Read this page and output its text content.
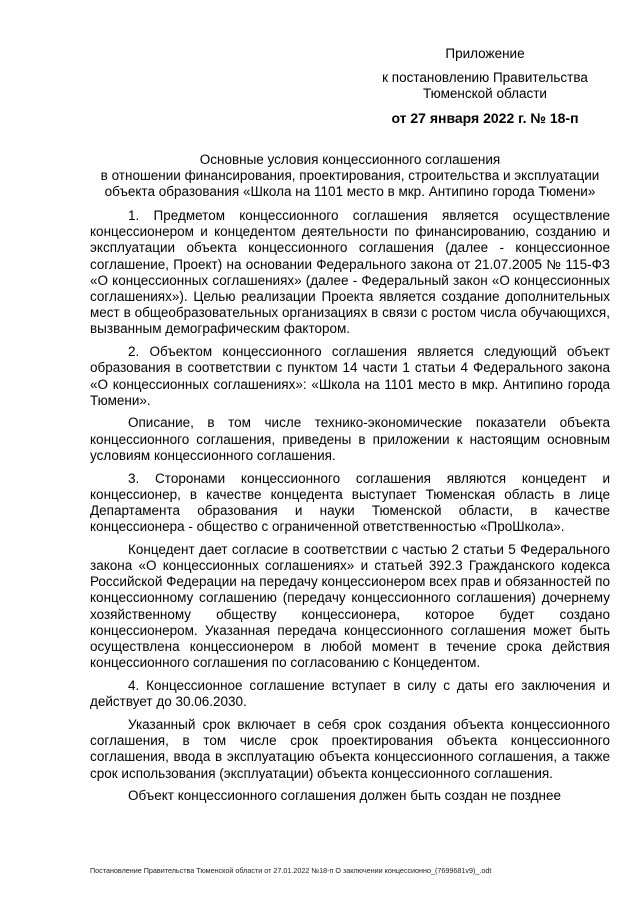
Приложение
к постановлению Правительства
Тюменской области
от 27 января 2022 г. № 18-п
Основные условия концессионного соглашения
в отношении финансирования, проектирования, строительства и эксплуатации
объекта образования «Школа на 1101 место в мкр. Антипино города Тюмени»

1. Предметом концессионного соглашения является осуществление концессионером и концедентом деятельности по финансированию, созданию и эксплуатации объекта концессионного соглашения (далее - концессионное соглашение, Проект) на основании Федерального закона от 21.07.2005 № 115-ФЗ «О концессионных соглашениях» (далее - Федеральный закон «О концессионных соглашениях»). Целью реализации Проекта является создание дополнительных мест в общеобразовательных организациях в связи с ростом числа обучающихся, вызванным демографическим фактором.

2. Объектом концессионного соглашения является следующий объект образования в соответствии с пунктом 14 части 1 статьи 4 Федерального закона «О концессионных соглашениях»: «Школа на 1101 место в мкр. Антипино города Тюмени».

Описание, в том числе технико-экономические показатели объекта концессионного соглашения, приведены в приложении к настоящим основным условиям концессионного соглашения.

3. Сторонами концессионного соглашения являются концедент и концессионер, в качестве концедента выступает Тюменская область в лице Департамента образования и науки Тюменской области, в качестве концессионера - общество с ограниченной ответственностью «ПроШкола».

Концедент дает согласие в соответствии с частью 2 статьи 5 Федерального закона «О концессионных соглашениях» и статьей 392.3 Гражданского кодекса Российской Федерации на передачу концессионером всех прав и обязанностей по концессионному соглашению (передачу концессионного соглашения) дочернему хозяйственному обществу концессионера, которое будет создано концессионером. Указанная передача концессионного соглашения может быть осуществлена концессионером в любой момент в течение срока действия концессионного соглашения по согласованию с Концедентом.

4. Концессионное соглашение вступает в силу с даты его заключения и действует до 30.06.2030.

Указанный срок включает в себя срок создания объекта концессионного соглашения, в том числе срок проектирования объекта концессионного соглашения, ввода в эксплуатацию объекта концессионного соглашения, а также срок использования (эксплуатации) объекта концессионного соглашения.

Объект концессионного соглашения должен быть создан не позднее

Постановление Правительства Тюменской области от 27.01.2022 №18-п О заключении концессионно_(7699681v9)_.odt
